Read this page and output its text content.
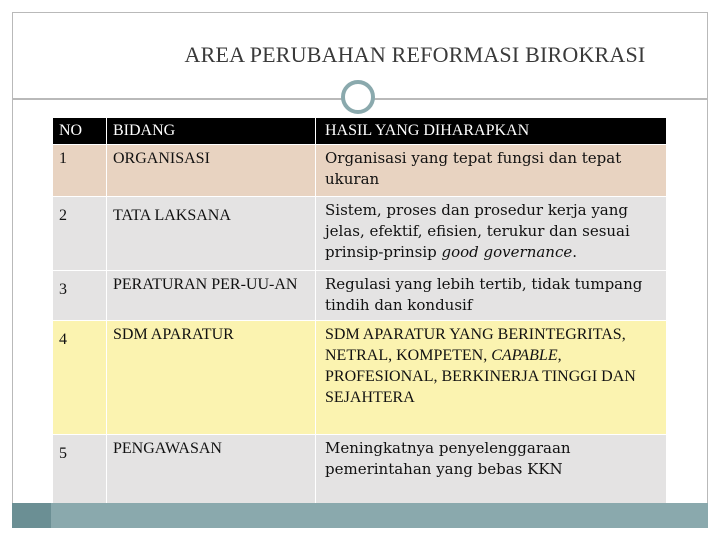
AREA PERUBAHAN REFORMASI BIROKRASI
NO	BIDANG	HASIL YANG DIHARAPKAN
1	ORGANISASI	Organisasi yang tepat fungsi dan tepat ukuran
2	TATA LAKSANA	Sistem, proses dan prosedur kerja yang jelas, efektif, efisien, terukur dan sesuai prinsip-prinsip good governance.
3	PERATURAN PER-UU-AN	Regulasi yang lebih tertib, tidak tumpang tindih dan kondusif
4	SDM APARATUR	SDM APARATUR YANG BERINTEGRITAS, NETRAL, KOMPETEN, CAPABLE, PROFESIONAL, BERKINERJA TINGGI DAN SEJAHTERA
5	PENGAWASAN	Meningkatnya penyelenggaraan pemerintahan yang bebas KKN
